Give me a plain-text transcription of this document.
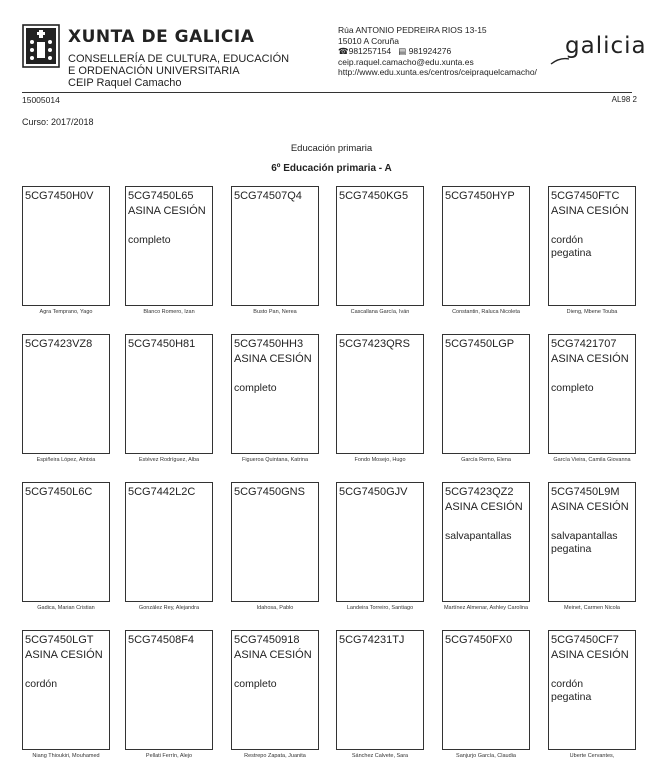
XUNTA DE GALICIA
CONSELLERÍA DE CULTURA, EDUCACIÓN
E ORDENACIÓN UNIVERSITARIA
CEIP Raquel Camacho
Rúa ANTONIO PEDREIRA RIOS 13-15
15010 A Coruña
☎981257154 ▤ 981924276
ceip.raquel.camacho@edu.xunta.es
http://www.edu.xunta.es/centros/ceipraquelcamacho/
galicia
15005014	AL98 2
Curso: 2017/2018
Educación primaria
6º Educación primaria - A
5CG7450H0V
Agra Temprano, Yago
5CG7450L65
ASINA CESIÓN
completo
Blanco Romero, Izan
5CG74507Q4
Busto Pan, Nerea
5CG7450KG5
Cascallana García, Iván
5CG7450HYP
Constantin, Raluca Nicoleta
5CG7450FTC
ASINA CESIÓN
cordón
pegatina
Dieng, Mbene Touba
5CG7423VZ8
Espiñeira López, Aintxia
5CG7450H81
Estévez Rodríguez, Alba
5CG7450HH3
ASINA CESIÓN
completo
Figueroa Quintana, Katrina
5CG7423QRS
Fondo Mosejo, Hugo
5CG7450LGP
García Remo, Elena
5CG7421707
ASINA CESIÓN
completo
García Vieira, Camila Giovanna
5CG7450L6C
Gadica, Marian Cristian
5CG7442L2C
González Rey, Alejandra
5CG7450GNS
Idahosa, Pablo
5CG7450GJV
Landeira Torreiro, Santiago
5CG7423QZ2
ASINA CESIÓN
salvapantallas
Martínez Almenar, Ashley Carolina
5CG7450L9M
ASINA CESIÓN
salvapantallas
pegatina
Meinet, Carmen Nicola
5CG7450LGT
ASINA CESIÓN
cordón
Niang Thioukiri, Mouhamed
5CG74508F4
Pellati Ferrín, Alejo
5CG7450918
ASINA CESIÓN
completo
Restrepo Zapata, Juanita
5CG74231TJ
Sánchez Calvete, Sara
5CG7450FX0
Sanjurjo García, Claudia
5CG7450CF7
ASINA CESIÓN
cordón
pegatina
Uberte Cervantes,
